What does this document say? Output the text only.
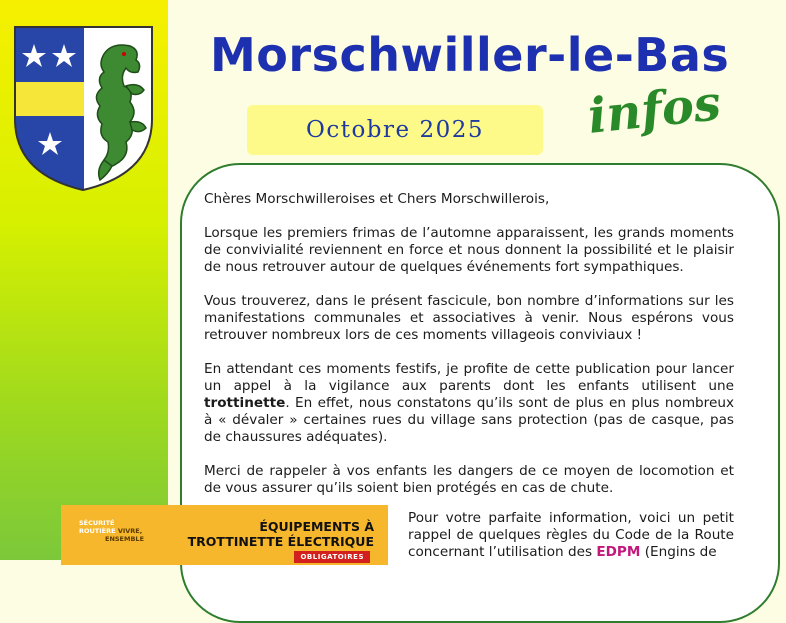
Morschwiller-le-Bas
Octobre 2025 infos

Chères Morschwilleroises et Chers Morschwillerois,

Lorsque les premiers frimas de l’automne apparaissent, les grands moments de convivialité reviennent en force et nous donnent la possibilité et le plaisir de nous retrouver autour de quelques événements fort sympathiques.

Vous trouverez, dans le présent fascicule, bon nombre d’informations sur les manifestations communales et associatives à venir. Nous espérons vous retrouver nombreux lors de ces moments villageois conviviaux !

En attendant ces moments festifs, je profite de cette publication pour lancer un appel à la vigilance aux parents dont les enfants utilisent une trottinette. En effet, nous constatons qu’ils sont de plus en plus nombreux à « dévaler » certaines rues du village sans protection (pas de casque, pas de chaussures adéquates).

Merci de rappeler à vos enfants les dangers de ce moyen de locomotion et de vous assurer qu’ils soient bien protégés en cas de chute.

SÉCURITÉ
ROUTIÈRE VIVRE,
ENSEMBLE
ÉQUIPEMENTS À
TROTTINETTE ÉLECTRIQUE
OBLIGATOIRES
Pour votre parfaite information, voici un petit rappel de quelques règles du Code de la Route concernant l’utilisation des EDPM (Engins de
